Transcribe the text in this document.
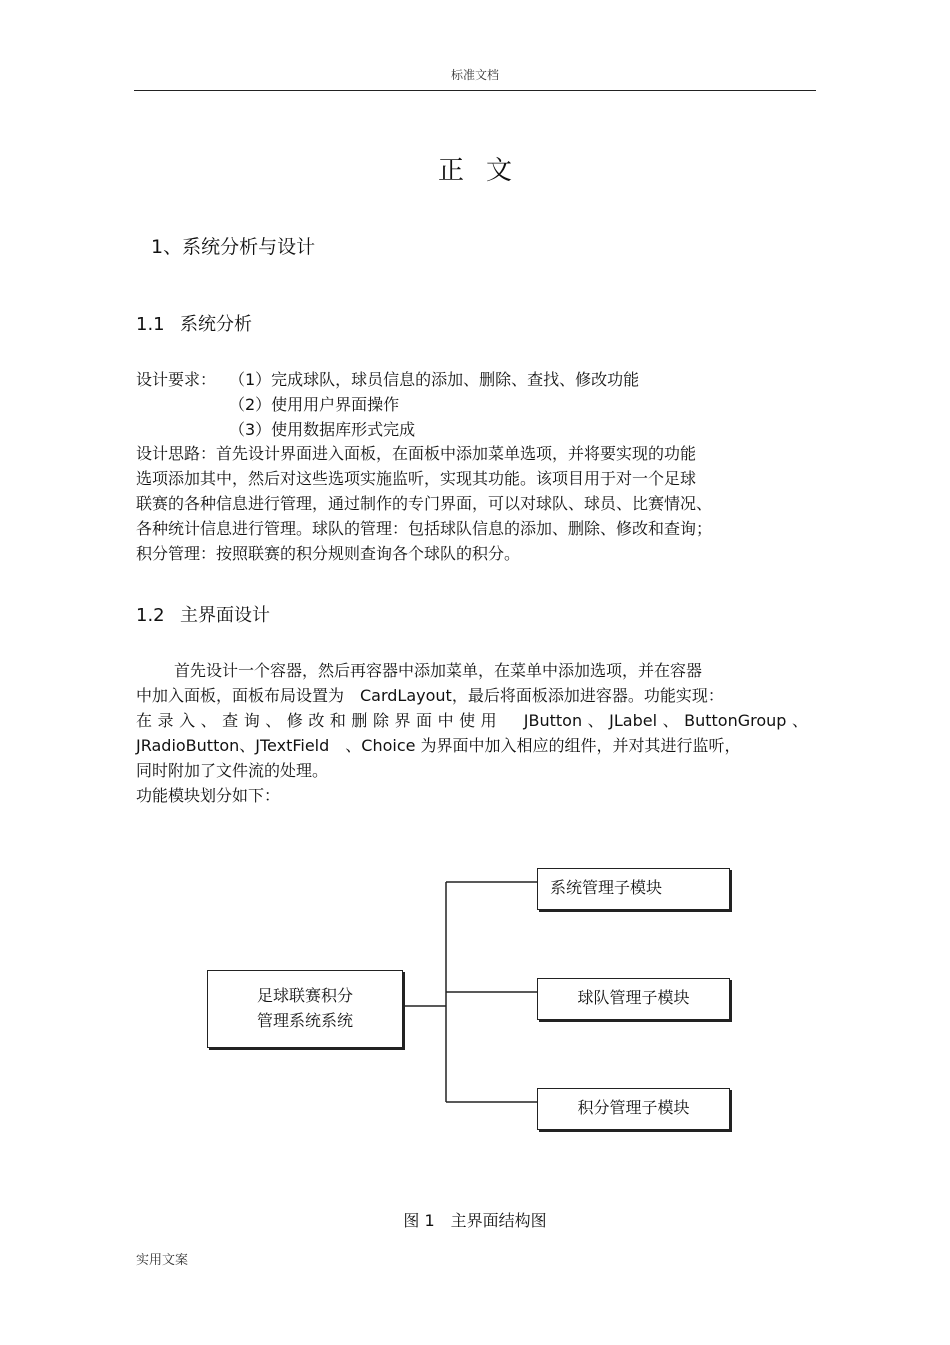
标准文档
正文
1、系统分析与设计
1.1 系统分析
设计要求： （1）完成球队，球员信息的添加、删除、查找、修改功能
（2）使用用户界面操作
（3）使用数据库形式完成
设计思路：首先设计界面进入面板，在面板中添加菜单选项，并将要实现的功能
选项添加其中，然后对这些选项实施监听，实现其功能。该项目用于对一个足球
联赛的各种信息进行管理，通过制作的专门界面，可以对球队、球员、比赛情况、
各种统计信息进行管理。球队的管理：包括球队信息的添加、删除、修改和查询；
积分管理：按照联赛的积分规则查询各个球队的积分。
1.2 主界面设计
首先设计一个容器，然后再容器中添加菜单，在菜单中添加选项，并在容器
中加入面板，面板布局设置为　CardLayout，最后将面板添加进容器。功能实现：
在录入、查询、修改和删除界面中使用　JButton、JLabel、ButtonGroup、
JRadioButton、JTextField　、Choice 为界面中加入相应的组件，并对其进行监听，
同时附加了文件流的处理。
功能模块划分如下：
足球联赛积分
管理系统系统
系统管理子模块
球队管理子模块
积分管理子模块
图 1　主界面结构图
实用文案
